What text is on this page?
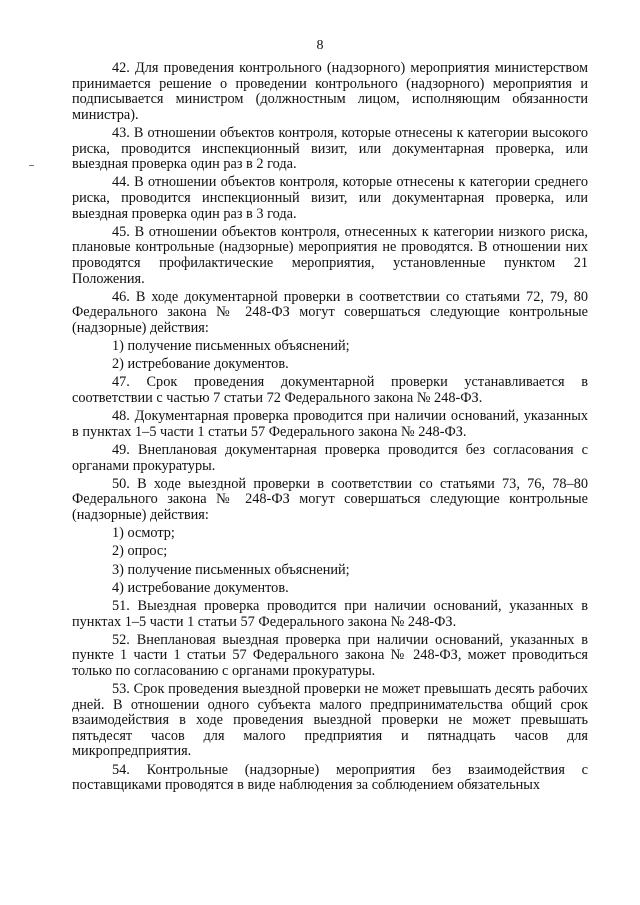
8

42. Для проведения контрольного (надзорного) мероприятия министерством принимается решение о проведении контрольного (надзорного) мероприятия и подписывается министром (должностным лицом, исполняющим обязанности министра).

43. В отношении объектов контроля, которые отнесены к категории высокого риска, проводится инспекционный визит, или документарная проверка, или выездная проверка один раз в 2 года.

44. В отношении объектов контроля, которые отнесены к категории среднего риска, проводится инспекционный визит, или документарная проверка, или выездная проверка один раз в 3 года.

45. В отношении объектов контроля, отнесенных к категории низкого риска, плановые контрольные (надзорные) мероприятия не проводятся. В отношении них проводятся профилактические мероприятия, установленные пунктом 21 Положения.

46. В ходе документарной проверки в соответствии со статьями 72, 79, 80 Федерального закона № 248-ФЗ могут совершаться следующие контрольные (надзорные) действия:

1) получение письменных объяснений;

2) истребование документов.

47. Срок проведения документарной проверки устанавливается в соответствии с частью 7 статьи 72 Федерального закона № 248-ФЗ.

48. Документарная проверка проводится при наличии оснований, указанных в пунктах 1–5 части 1 статьи 57 Федерального закона № 248-ФЗ.

49. Внеплановая документарная проверка проводится без согласования с органами прокуратуры.

50. В ходе выездной проверки в соответствии со статьями 73, 76, 78–80 Федерального закона № 248-ФЗ могут совершаться следующие контрольные (надзорные) действия:

1) осмотр;

2) опрос;

3) получение письменных объяснений;

4) истребование документов.

51. Выездная проверка проводится при наличии оснований, указанных в пунктах 1–5 части 1 статьи 57 Федерального закона № 248-ФЗ.

52. Внеплановая выездная проверка при наличии оснований, указанных в пункте 1 части 1 статьи 57 Федерального закона № 248-ФЗ, может проводиться только по согласованию с органами прокуратуры.

53. Срок проведения выездной проверки не может превышать десять рабочих дней. В отношении одного субъекта малого предпринимательства общий срок взаимодействия в ходе проведения выездной проверки не может превышать пятьдесят часов для малого предприятия и пятнадцать часов для микропредприятия.

54. Контрольные (надзорные) мероприятия без взаимодействия с поставщиками проводятся в виде наблюдения за соблюдением обязательных
